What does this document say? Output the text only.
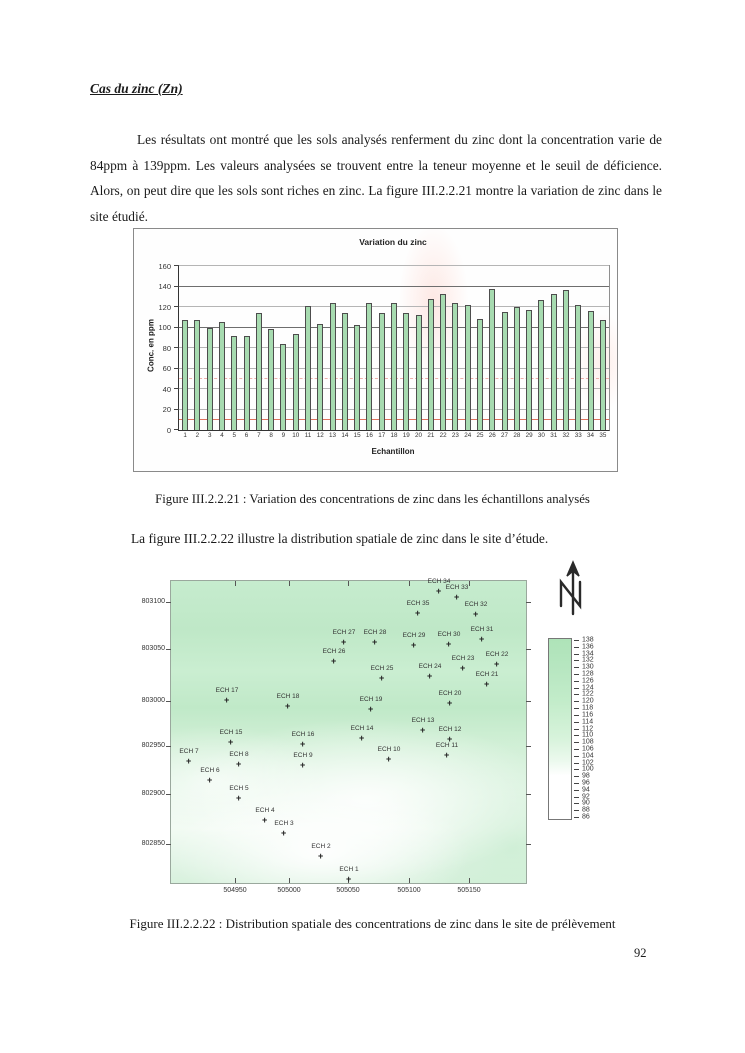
Cas du zinc (Zn)
Les résultats ont montré que les sols analysés renferment du zinc dont la concentration varie de 84ppm à 139ppm. Les valeurs analysées se trouvent entre la teneur moyenne et le seuil de déficience. Alors, on peut dire que les sols sont riches en zinc. La figure III.2.2.21 montre la variation de zinc dans le site étudié.
Variation du zinc
Conc. en ppm
0
20
40
60
80
100
120
140
160
1	2	3	4	5	6	7	8	9	10 11 12 13 14 15 16 17 18 19 20 21 22 23 24 25 26 27 28 29 30 31 32 33 34 35
Echantillon
Figure III.2.2.21 : Variation des concentrations de zinc dans les échantillons analysés
La figure III.2.2.22 illustre la distribution spatiale de zinc dans le site d’étude.
803100
803050
803000
802950
802900
802850
504950	505000	505050	505100	505150
+
ECH 1
+
ECH 2
+
ECH 3
+
ECH 4
+
ECH 5
+
ECH 6
+
ECH 7
+
ECH 8
+
ECH 9	+
ECH 10
+
ECH 11
+
ECH 12
+
ECH 13
+
ECH 14
+
ECH 15
+
ECH 16
+
ECH 17
+
ECH 18
+
ECH 19	+
ECH 20
+
ECH 21
+
ECH 22
+
ECH 23
+
ECH 24
+
ECH 25
+
ECH 26
+
ECH 27
+
ECH 28
+
ECH 29
+
ECH 30 +
ECH 31
+
ECH 32
+
ECH 33
+
ECH 34
+
ECH 35
138
136
134
132
130
128
126
124
122
120
118
116
114
112
110
108
106
104
102
100
98
96
94
92
90
88
86
Figure III.2.2.22 : Distribution spatiale des concentrations de zinc dans le site de prélèvement
92
